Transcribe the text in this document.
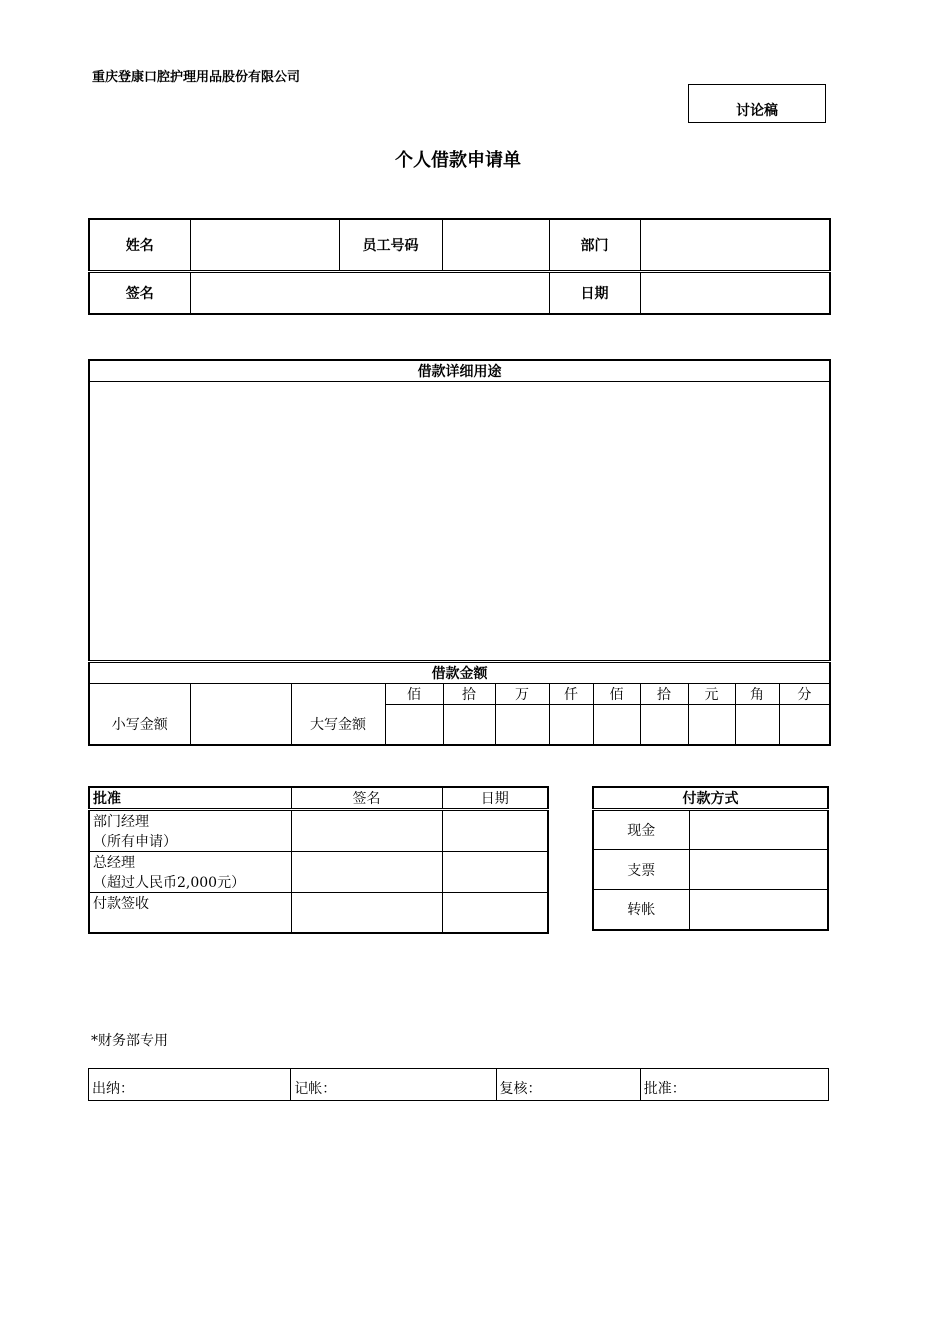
重庆登康口腔护理用品股份有限公司
讨论稿
个人借款申请单
姓名		员工号码		部门	
签名				日期	
借款详细用途											

借款金额											
小写金额		大写金额	佰	拾	万	仟	佰	拾	元	角	分

批准	签名	日期

部门经理
（所有申请）		

总经理
（超过人民币2,000元）		

付款签收		

付款方式	
现金	
支票	
转帐	
*财务部专用
出纳：	记帐：	复核：	批准：
